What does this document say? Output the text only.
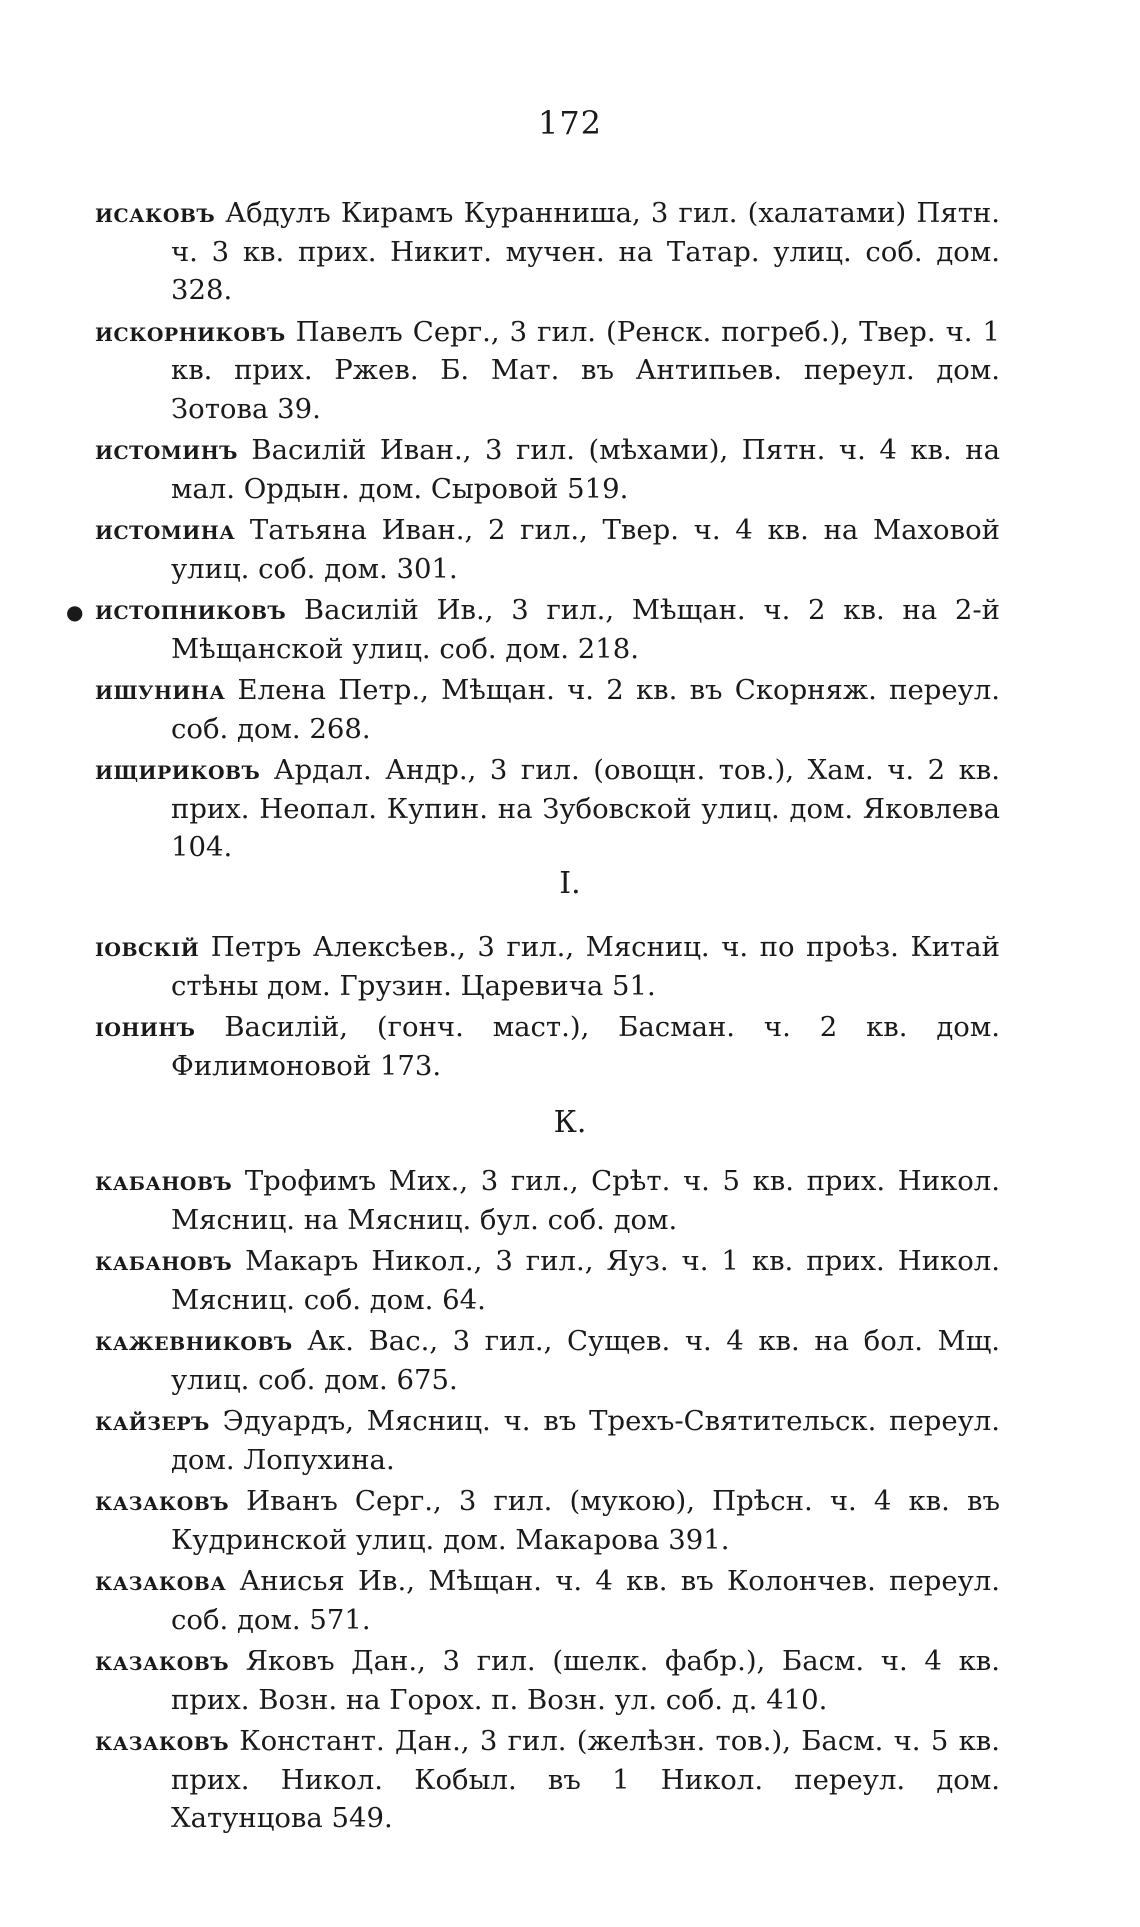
172
●
исаковъ Абдулъ Кирамъ Куранниша, 3 гил. (халатами) Пятн. ч. 3 кв. прих. Никит. мучен. на Татар. улиц. соб. дом. 328.
искорниковъ Павелъ Серг., 3 гил. (Ренск. погреб.), Твер. ч. 1 кв. прих. Ржев. Б. Мат. въ Антипьев. переул. дом. Зотова 39.
истоминъ Василій Иван., 3 гил. (мѣхами), Пятн. ч. 4 кв. на мал. Ордын. дом. Сыровой 519.
истомина Татьяна Иван., 2 гил., Твер. ч. 4 кв. на Маховой улиц. соб. дом. 301.
истопниковъ Василій Ив., 3 гил., Мѣщан. ч. 2 кв. на 2-й Мѣщанской улиц. соб. дом. 218.
ишунина Елена Петр., Мѣщан. ч. 2 кв. въ Скорняж. переул. соб. дом. 268.
ищириковъ Ардал. Андр., 3 гил. (овощн. тов.), Хам. ч. 2 кв. прих. Неопал. Купин. на Зубовской улиц. дом. Яковлева 104.
І.
іовскій Петръ Алексѣев., 3 гил., Мясниц. ч. по проѣз. Китай стѣны дом. Грузин. Царевича 51.
іонинъ Василій, (гонч. маст.), Басман. ч. 2 кв. дом. Филимоновой 173.
К.
кабановъ Трофимъ Мих., 3 гил., Срѣт. ч. 5 кв. прих. Никол. Мясниц. на Мясниц. бул. соб. дом.
кабановъ Макаръ Никол., 3 гил., Яуз. ч. 1 кв. прих. Никол. Мясниц. соб. дом. 64.
кажевниковъ Ак. Вас., 3 гил., Сущев. ч. 4 кв. на бол. Мщ. улиц. соб. дом. 675.
кайзеръ Эдуардъ, Мясниц. ч. въ Трехъ-Святительск. переул. дом. Лопухина.
казаковъ Иванъ Серг., 3 гил. (мукою), Прѣсн. ч. 4 кв. въ Кудринской улиц. дом. Макарова 391.
казакова Анисья Ив., Мѣщан. ч. 4 кв. въ Колончев. переул. соб. дом. 571.
казаковъ Яковъ Дан., 3 гил. (шелк. фабр.), Басм. ч. 4 кв. прих. Возн. на Горох. п. Возн. ул. соб. д. 410.
казаковъ Констант. Дан., 3 гил. (желѣзн. тов.), Басм. ч. 5 кв. прих. Никол. Кобыл. въ 1 Никол. переул. дом. Хатунцова 549.
